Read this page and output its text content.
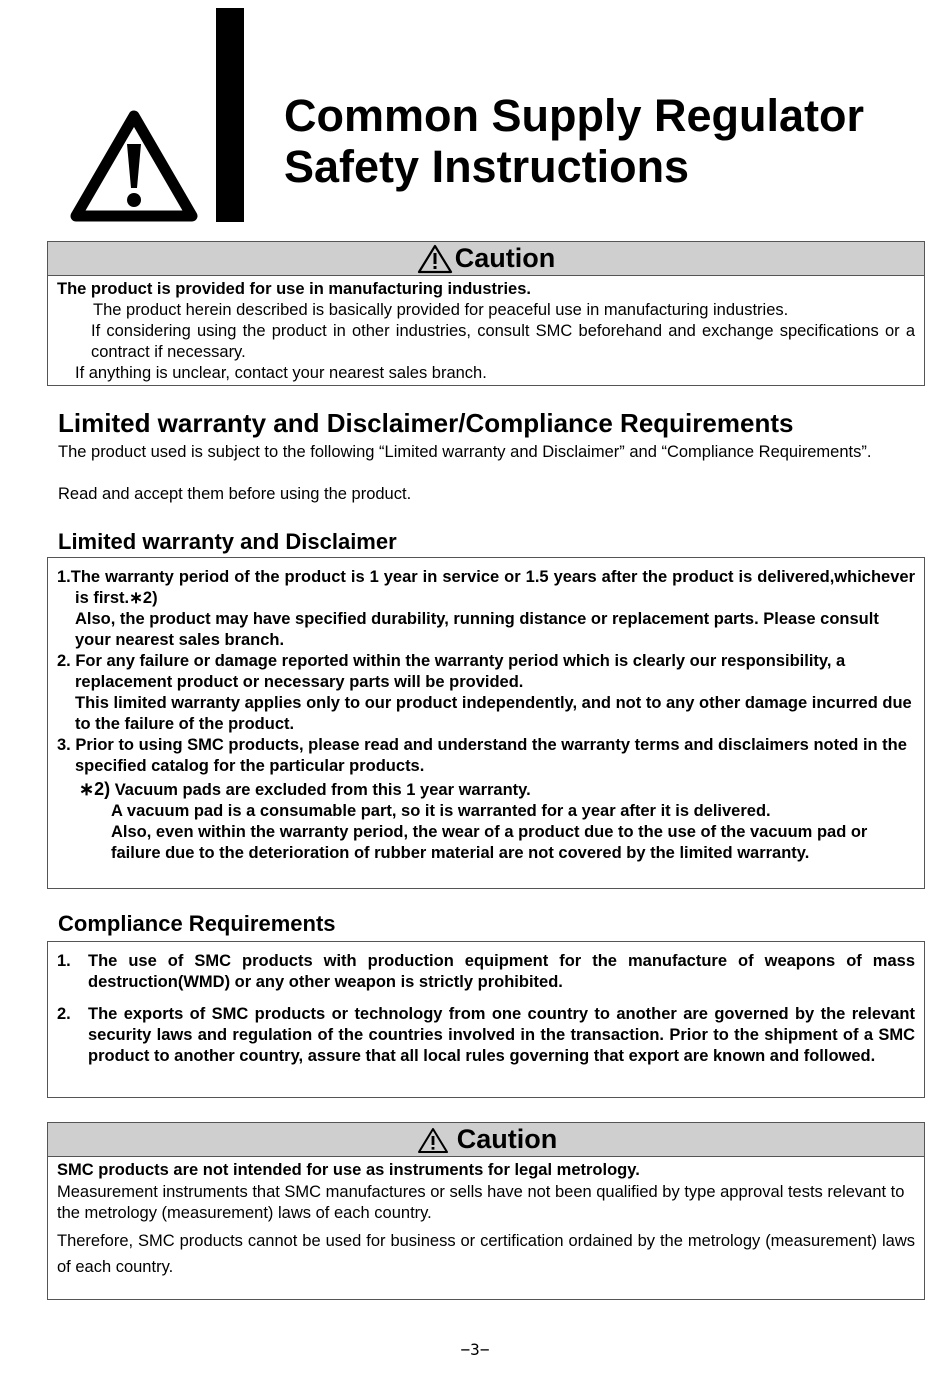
Common Supply Regulator
Safety Instructions
Caution
The product is provided for use in manufacturing industries.
The product herein described is basically provided for peaceful use in manufacturing industries.
If considering using the product in other industries, consult SMC beforehand and exchange specifications or a contract if necessary.
If anything is unclear, contact your nearest sales branch.
Limited warranty and Disclaimer/Compliance Requirements
The product used is subject to the following “Limited warranty and Disclaimer” and “Compliance Requirements”.
Read and accept them before using the product.
Limited warranty and Disclaimer
1.The warranty period of the product is 1 year in service or 1.5 years after the product is delivered,whichever is first.∗2)
Also, the product may have specified durability, running distance or replacement parts. Please consult your nearest sales branch.
2. For any failure or damage reported within the warranty period which is clearly our responsibility, a replacement product or necessary parts will be provided.
This limited warranty applies only to our product independently, and not to any other damage incurred due to the failure of the product.
3. Prior to using SMC products, please read and understand the warranty terms and disclaimers noted in the specified catalog for the particular products.
∗2) Vacuum pads are excluded from this 1 year warranty.
A vacuum pad is a consumable part, so it is warranted for a year after it is delivered.
Also, even within the warranty period, the wear of a product due to the use of the vacuum pad or failure due to the deterioration of rubber material are not covered by the limited warranty.
Compliance Requirements
1.	The use of SMC products with production equipment for the manufacture of weapons of mass destruction(WMD) or any other weapon is strictly prohibited.
2.	The exports of SMC products or technology from one country to another are governed by the relevant security laws and regulation of the countries involved in the transaction. Prior to the shipment of a SMC product to another country, assure that all local rules governing that export are known and followed.
Caution
SMC products are not intended for use as instruments for legal metrology.
Measurement instruments that SMC manufactures or sells have not been qualified by type approval tests relevant to the metrology (measurement) laws of each country.
Therefore, SMC products cannot be used for business or certification ordained by the metrology (measurement) laws of each country.
−3−
